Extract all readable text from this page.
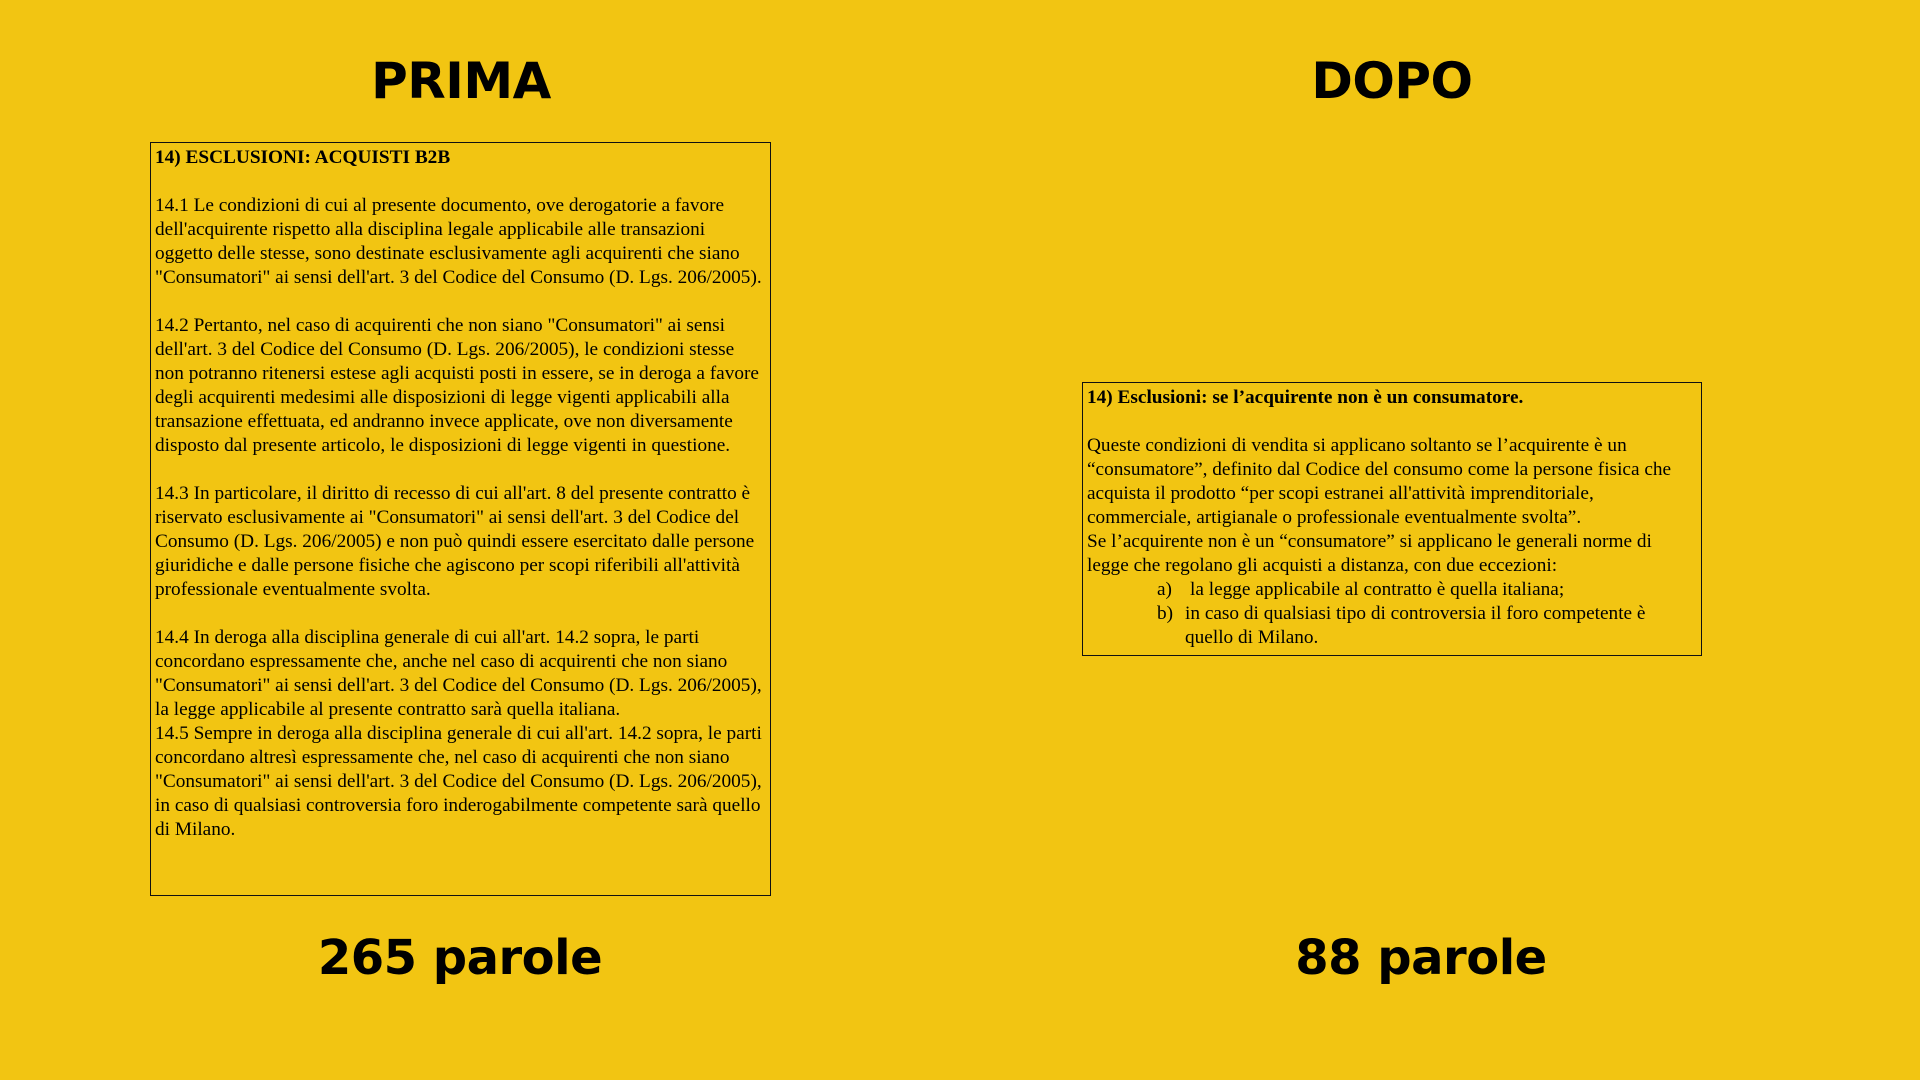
PRIMA

14) ESCLUSIONI: ACQUISTI B2B

14.1 Le condizioni di cui al presente documento, ove derogatorie a favore dell'acquirente rispetto alla disciplina legale applicabile alle transazioni oggetto delle stesse, sono destinate esclusivamente agli acquirenti che siano "Consumatori" ai sensi dell'art. 3 del Codice del Consumo (D. Lgs. 206/2005).

14.2 Pertanto, nel caso di acquirenti che non siano "Consumatori" ai sensi dell'art. 3 del Codice del Consumo (D. Lgs. 206/2005), le condizioni stesse non potranno ritenersi estese agli acquisti posti in essere, se in deroga a favore degli acquirenti medesimi alle disposizioni di legge vigenti applicabili alla transazione effettuata, ed andranno invece applicate, ove non diversamente disposto dal presente articolo, le disposizioni di legge vigenti in questione.

14.3 In particolare, il diritto di recesso di cui all'art. 8 del presente contratto è riservato esclusivamente ai "Consumatori" ai sensi dell'art. 3 del Codice del Consumo (D. Lgs. 206/2005) e non può quindi essere esercitato dalle persone giuridiche e dalle persone fisiche che agiscono per scopi riferibili all'attività professionale eventualmente svolta.

14.4 In deroga alla disciplina generale di cui all'art. 14.2 sopra, le parti concordano espressamente che, anche nel caso di acquirenti che non siano "Consumatori" ai sensi dell'art. 3 del Codice del Consumo (D. Lgs. 206/2005), la legge applicabile al presente contratto sarà quella italiana.

14.5 Sempre in deroga alla disciplina generale di cui all'art. 14.2 sopra, le parti concordano altresì espressamente che, nel caso di acquirenti che non siano "Consumatori" ai sensi dell'art. 3 del Codice del Consumo (D. Lgs. 206/2005), in caso di qualsiasi controversia foro inderogabilmente competente sarà quello di Milano.

265 parole
DOPO

14) Esclusioni: se l’acquirente non è un consumatore.

Queste condizioni di vendita si applicano soltanto se l’acquirente è un “consumatore”, definito dal Codice del consumo come la persone fisica che acquista il prodotto “per scopi estranei all'attività imprenditoriale, commerciale, artigianale o professionale eventualmente svolta”.

Se l’acquirente non è un “consumatore” si applicano le generali norme di legge che regolano gli acquisti a distanza, con due eccezioni:

a) la legge applicabile al contratto è quella italiana;
b) in caso di qualsiasi tipo di controversia il foro competente è quello di Milano.
88 parole
